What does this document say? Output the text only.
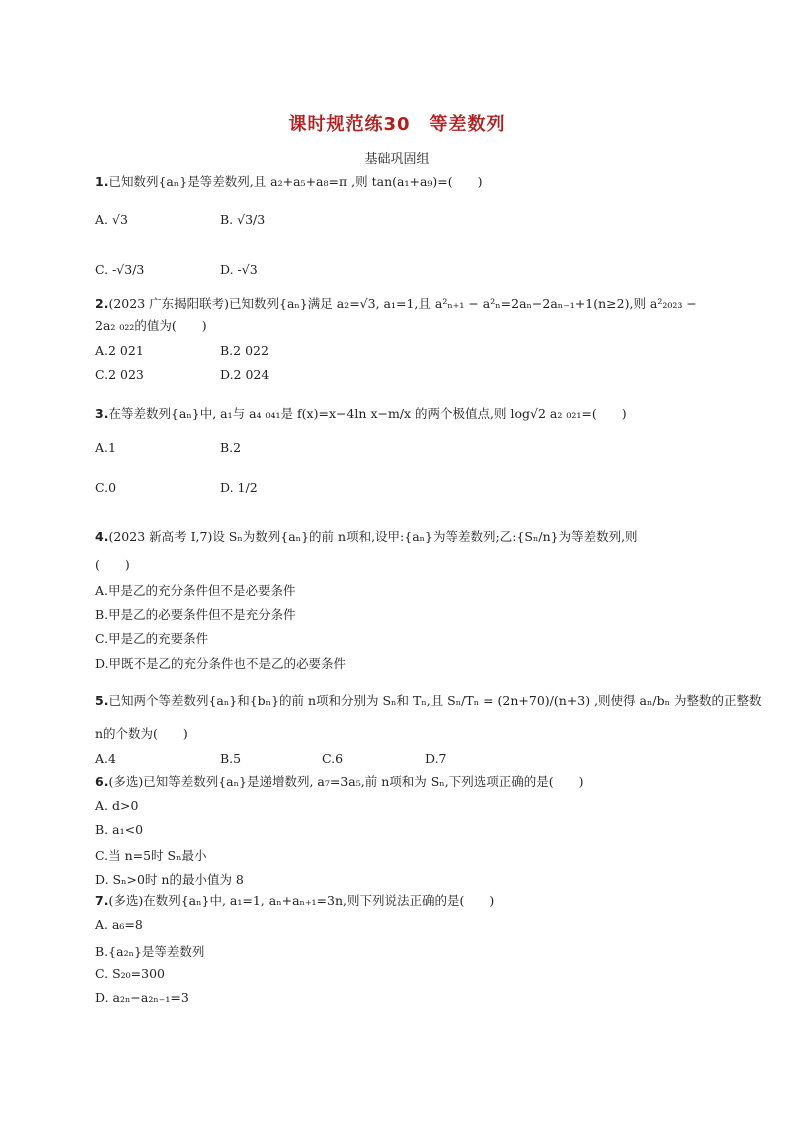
课时规范练30　等差数列
基础巩固组
1.已知数列{aₙ}是等差数列,且 a₂+a₅+a₈=π ,则 tan(a₁+a₉)=(　　)
A. √3	B. √3/3
C. -√3/3	D. -√3
2.(2023 广东揭阳联考)已知数列{aₙ}满足 a₂=√3, a₁=1,且 a²ₙ₊₁ − a²ₙ=2aₙ−2aₙ₋₁+1(n≥2),则 a²₂₀₂₃ −
2a₂ ₀₂₂的值为(　　)
A.2 021	B.2 022
C.2 023	D.2 024
3.在等差数列{aₙ}中, a₁与 a₄ ₀₄₁是 f(x)=x−4ln x−m/x 的两个极值点,则 log√2 a₂ ₀₂₁=(　　)
A.1	B.2
C.0	D. 1/2
4.(2023 新高考 Ⅰ,7)设 Sₙ为数列{aₙ}的前 n项和,设甲:{aₙ}为等差数列;乙:{Sₙ/n}为等差数列,则
(　　)
A.甲是乙的充分条件但不是必要条件
B.甲是乙的必要条件但不是充分条件
C.甲是乙的充要条件
D.甲既不是乙的充分条件也不是乙的必要条件
5.已知两个等差数列{aₙ}和{bₙ}的前 n项和分别为 Sₙ和 Tₙ,且 Sₙ/Tₙ = (2n+70)/(n+3) ,则使得 aₙ/bₙ 为整数的正整数
n的个数为(　　)
A.4	B.5	C.6	D.7
6.(多选)已知等差数列{aₙ}是递增数列, a₇=3a₅,前 n项和为 Sₙ,下列选项正确的是(　　)
A. d>0
B. a₁<0
C.当 n=5时 Sₙ最小
D. Sₙ>0时 n的最小值为 8
7.(多选)在数列{aₙ}中, a₁=1, aₙ+aₙ₊₁=3n,则下列说法正确的是(　　)
A. a₆=8
B.{a₂ₙ}是等差数列
C. S₂₀=300
D. a₂ₙ−a₂ₙ₋₁=3
